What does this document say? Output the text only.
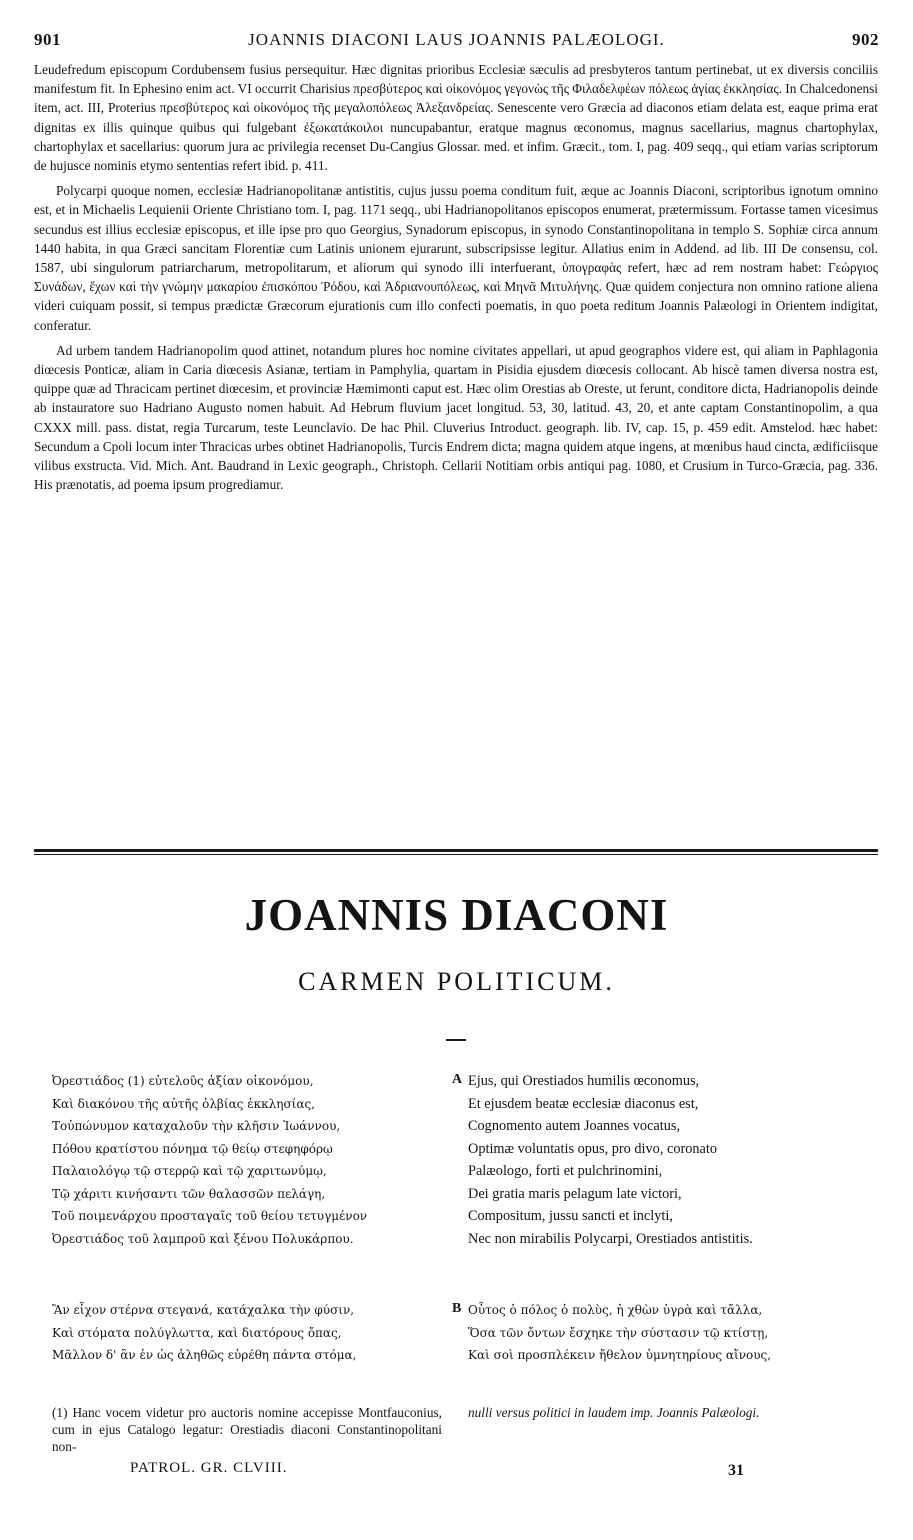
901	JOANNIS DIACONI LAUS JOANNIS PALÆOLOGI.	902

Leudefredum episcopum Cordubensem fusius persequitur. Hæc dignitas prioribus Ecclesiæ sæculis ad presbyteros tantum pertinebat, ut ex diversis conciliis manifestum fit. In Ephesino enim act. VI occurrit Charisius πρεσβύτερος καὶ οἰκονόμος γεγονὼς τῆς Φιλαδελφέων πόλεως ἁγίας ἐκκλησίας. In Chalcedonensi item, act. III, Proterius πρεσβύτερος καὶ οἰκονόμος τῆς μεγαλοπόλεως Ἀλεξανδρείας. Senescente vero Græcia ad diaconos etiam delata est, eaque prima erat dignitas ex illis quinque quibus qui fulgebant ἐξωκατάκοιλοι nuncupabantur, eratque magnus œconomus, magnus sacellarius, magnus chartophylax, chartophylax et sacellarius: quorum jura ac privilegia recenset Du-Cangius Glossar. med. et infim. Græcit., tom. I, pag. 409 seqq., qui etiam varias scriptorum de hujusce nominis etymo sententias refert ibid. p. 411.

Polycarpi quoque nomen, ecclesiæ Hadrianopolitanæ antistitis, cujus jussu poema conditum fuit, æque ac Joannis Diaconi, scriptoribus ignotum omnino est, et in Michaelis Lequienii Oriente Christiano tom. I, pag. 1171 seqq., ubi Hadrianopolitanos episcopos enumerat, prætermissum. Fortasse tamen vicesimus secundus est illius ecclesiæ episcopus, et ille ipse pro quo Georgius, Synadorum episcopus, in synodo Constantinopolitana in templo S. Sophiæ circa annum 1440 habita, in qua Græci sancitam Florentiæ cum Latinis unionem ejurarunt, subscripsisse legitur. Allatius enim in Addend. ad lib. III De consensu, col. 1587, ubi singulorum patriarcharum, metropolitarum, et aliorum qui synodo illi interfuerant, ὑπογραφὰς refert, hæc ad rem nostram habet: Γεώργιος Συνάδων, ἔχων καὶ τὴν γνώμην μακαρίου ἐπισκόπου Ῥόδου, καὶ Ἀδριανουπόλεως, καὶ Μηνᾶ Μιτυλήνης. Quæ quidem conjectura non omnino ratione aliena videri cuiquam possit, si tempus prædictæ Græcorum ejurationis cum illo confecti poematis, in quo poeta reditum Joannis Palæologi in Orientem indigitat, conferatur.

Ad urbem tandem Hadrianopolim quod attinet, notandum plures hoc nomine civitates appellari, ut apud geographos videre est, qui aliam in Paphlagonia diœcesis Ponticæ, aliam in Caria diœcesis Asianæ, tertiam in Pamphylia, quartam in Pisidia ejusdem diœcesis collocant. Ab hiscè tamen diversa nostra est, quippe quæ ad Thracicam pertinet diœcesim, et provinciæ Hæmimonti caput est. Hæc olim Orestias ab Oreste, ut ferunt, conditore dicta, Hadrianopolis deinde ab instauratore suo Hadriano Augusto nomen habuit. Ad Hebrum fluvium jacet longitud. 53, 30, latitud. 43, 20, et ante captam Constantinopolim, a qua CXXX mill. pass. distat, regia Turcarum, teste Leunclavio. De hac Phil. Cluverius Introduct. geograph. lib. IV, cap. 15, p. 459 edit. Amstelod. hæc habet: Secundum a Cpoli locum inter Thracicas urbes obtinet Hadrianopolis, Turcis Endrem dicta; magna quidem atque ingens, at mœnibus haud cincta, ædificiisque vilibus exstructa. Vid. Mich. Ant. Baudrand in Lexic geograph., Christoph. Cellarii Notitiam orbis antiqui pag. 1080, et Crusium in Turco-Græcia, pag. 336. His prænotatis, ad poema ipsum progrediamur.

JOANNIS DIACONI
CARMEN POLITICUM.
Ὀρεστιάδος (1) εὐτελοῦς ἀξίαν οἰκονόμου,
Καὶ διακόνου τῆς αὐτῆς ὀλβίας ἐκκλησίας,
Τοὐπώνυμον καταχαλοῦν τὴν κλῆσιν Ἰωάννου,
Πόθου κρατίστου πόνημα τῷ θείῳ στεφηφόρῳ
Παλαιολόγῳ τῷ στερρῷ καὶ τῷ χαριτωνύμῳ,
Τῷ χάριτι κινήσαντι τῶν θαλασσῶν πελάγη,
Τοῦ ποιμενάρχου προσταγαῖς τοῦ θείου τετυγμένον
Ὀρεστιάδος τοῦ λαμπροῦ καὶ ξένου Πολυκάρπου.
A Ejus, qui Orestiados humilis œconomus,
Et ejusdem beatæ ecclesiæ diaconus est,
Cognomento autem Joannes vocatus,
Optimæ voluntatis opus, pro divo, coronato
Palæologo, forti et pulchrinomini,
Dei gratia maris pelagum late victori,
Compositum, jussu sancti et inclyti,
Nec non mirabilis Polycarpi, Orestiados antistitis.
Ἂν εἶχον στέρνα στεγανά, κατάχαλκα τὴν φύσιν,
Καὶ στόματα πολύγλωττα, καὶ διατόρους ὄπας,
Μᾶλλον δ' ἂν ἐν ὡς ἀληθῶς εὑρέθη πάντα στόμα,
B Οὗτος ὁ πόλος ὁ πολὺς, ἡ χθὼν ὑγρὰ καὶ τἄλλα,
Ὅσα τῶν ὄντων ἔσχηκε τὴν σύστασιν τῷ κτίστῃ,
Καὶ σοὶ προσπλέκειν ἤθελον ὑμνητηρίους αἴνους,
(1) Hanc vocem videtur pro auctoris nomine accepisse Montfauconius, cum in ejus Catalogo legatur: Orestiadis diaconi Constantinopolitani non-
nulli versus politici in laudem imp. Joannis Palæologi.
PATROL. GR. CLVIII.	31
